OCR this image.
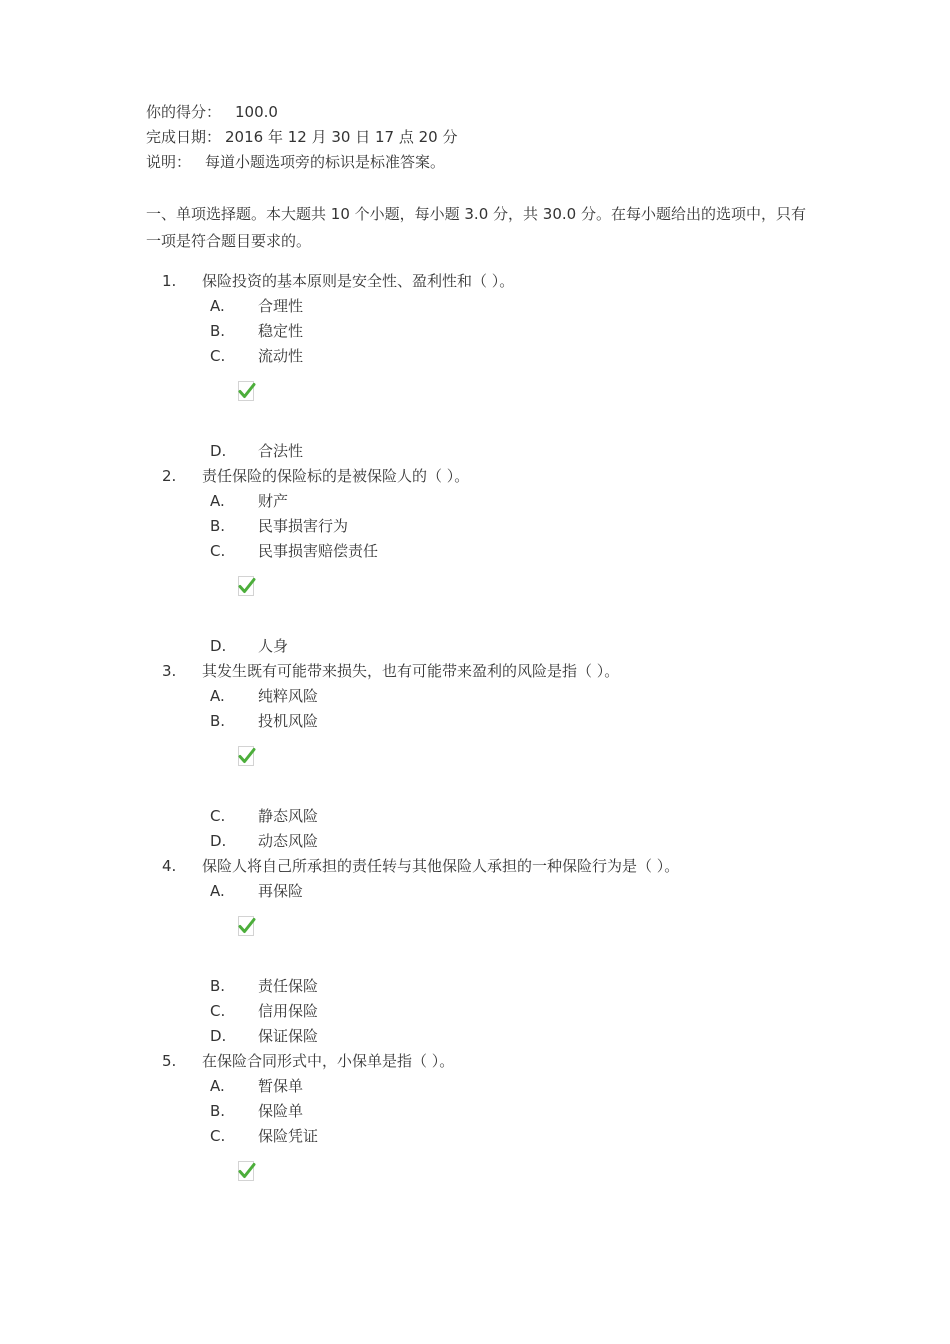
你的得分： 100.0
完成日期： 2016 年 12 月 30 日 17 点 20 分
说明： 每道小题选项旁的标识是标准答案。
一、单项选择题。本大题共 10 个小题，每小题 3.0 分，共 30.0 分。在每小题给出的选项中，只有一项是符合题目要求的。
1. 保险投资的基本原则是安全性、盈利性和（ ）。
A. 合理性
B. 稳定性
C. 流动性
D. 合法性
2. 责任保险的保险标的是被保险人的（ ）。
A. 财产
B. 民事损害行为
C. 民事损害赔偿责任
D. 人身
3. 其发生既有可能带来损失，也有可能带来盈利的风险是指（ ）。
A. 纯粹风险
B. 投机风险
C. 静态风险
D. 动态风险
4. 保险人将自己所承担的责任转与其他保险人承担的一种保险行为是（ ）。
A. 再保险
B. 责任保险
C. 信用保险
D. 保证保险
5. 在保险合同形式中，小保单是指（ ）。
A. 暂保单
B. 保险单
C. 保险凭证
